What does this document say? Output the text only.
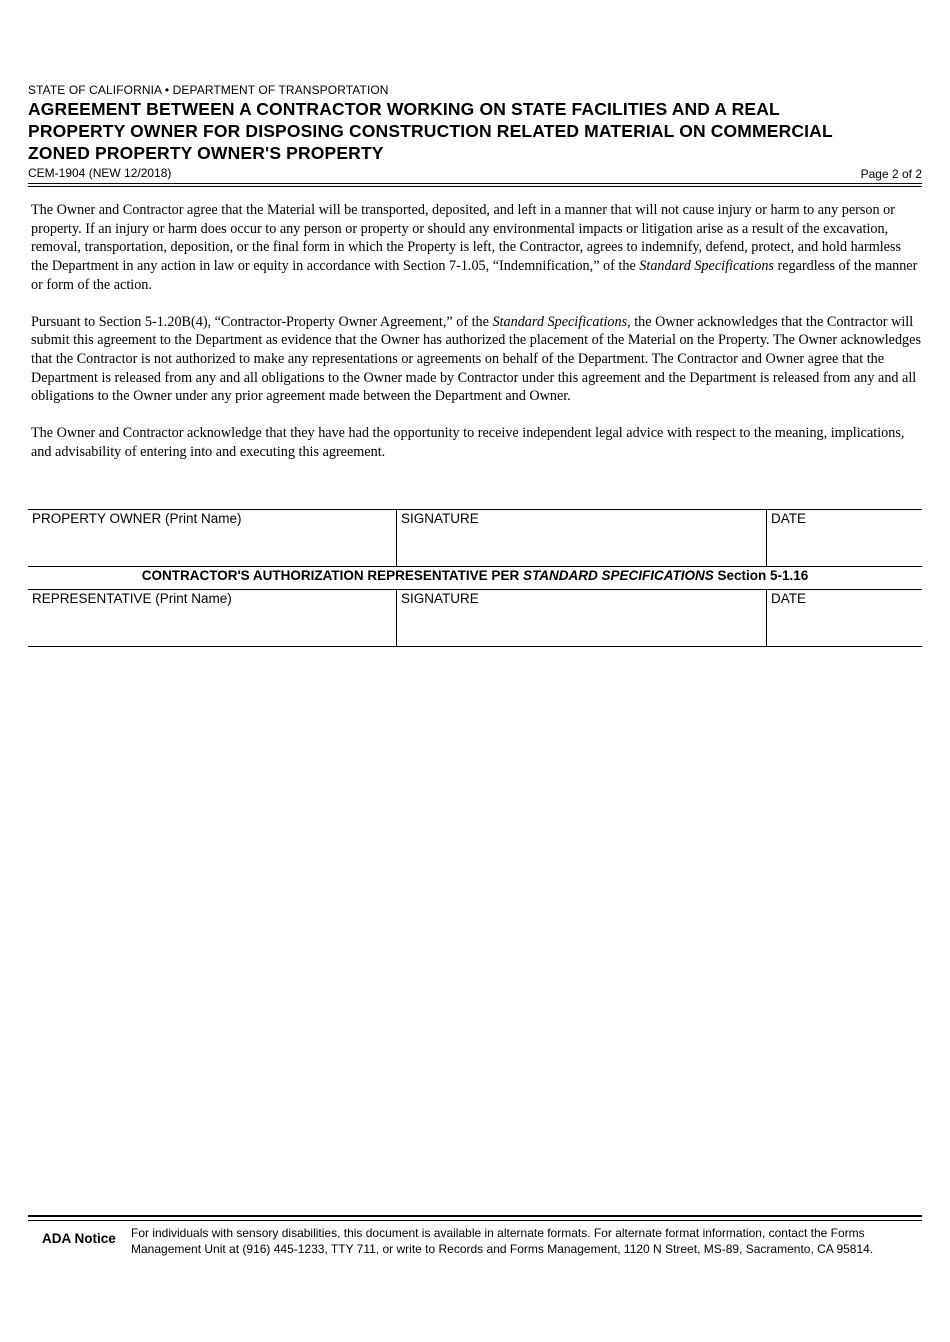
STATE OF CALIFORNIA • DEPARTMENT OF TRANSPORTATION
AGREEMENT BETWEEN A CONTRACTOR WORKING ON STATE FACILITIES AND A REAL
PROPERTY OWNER FOR DISPOSING CONSTRUCTION RELATED MATERIAL ON COMMERCIAL
ZONED PROPERTY OWNER'S PROPERTY
CEM-1904 (NEW 12/2018)	Page 2 of 2

The Owner and Contractor agree that the Material will be transported, deposited, and left in a manner that will not cause injury or harm to any person or property. If an injury or harm does occur to any person or property or should any environmental impacts or litigation arise as a result of the excavation, removal, transportation, deposition, or the final form in which the Property is left, the Contractor, agrees to indemnify, defend, protect, and hold harmless the Department in any action in law or equity in accordance with Section 7-1.05, “Indemnification,” of the Standard Specifications regardless of the manner or form of the action.

Pursuant to Section 5-1.20B(4), “Contractor-Property Owner Agreement,” of the Standard Specifications, the Owner acknowledges that the Contractor will submit this agreement to the Department as evidence that the Owner has authorized the placement of the Material on the Property. The Owner acknowledges that the Contractor is not authorized to make any representations or agreements on behalf of the Department. The Contractor and Owner agree that the Department is released from any and all obligations to the Owner made by Contractor under this agreement and the Department is released from any and all obligations to the Owner under any prior agreement made between the Department and Owner.

The Owner and Contractor acknowledge that they have had the opportunity to receive independent legal advice with respect to the meaning, implications, and advisability of entering into and executing this agreement.

PROPERTY OWNER (Print Name)	SIGNATURE	DATE
CONTRACTOR'S AUTHORIZATION REPRESENTATIVE PER STANDARD SPECIFICATIONS Section 5-1.16
REPRESENTATIVE (Print Name)	SIGNATURE	DATE
ADA Notice For individuals with sensory disabilities, this document is available in alternate formats. For alternate format information, contact the Forms Management Unit at (916) 445-1233, TTY 711, or write to Records and Forms Management, 1120 N Street, MS-89, Sacramento, CA 95814.
